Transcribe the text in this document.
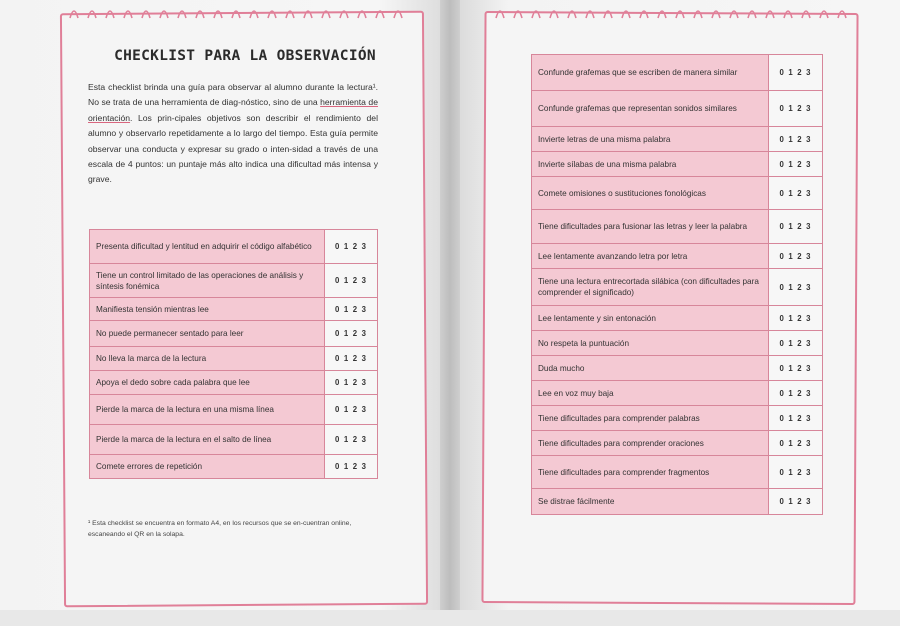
CHECKLIST PARA LA OBSERVACIÓN
Esta checklist brinda una guía para observar al alumno durante la lectura¹. No se trata de una herramienta de diag-nóstico, sino de una herramienta de orientación. Los prin-cipales objetivos son describir el rendimiento del alumno y observarlo repetidamente a lo largo del tiempo. Esta guía permite observar una conducta y expresar su grado o inten-sidad a través de una escala de 4 puntos: un puntaje más alto indica una dificultad más intensa y grave.
Presenta dificultad y lentitud en adquirir el código alfabético	0 1 2 3
Tiene un control limitado de las operaciones de análisis y síntesis fonémica	0 1 2 3
Manifiesta tensión mientras lee	0 1 2 3
No puede permanecer sentado para leer	0 1 2 3
No lleva la marca de la lectura	0 1 2 3
Apoya el dedo sobre cada palabra que lee	0 1 2 3
Pierde la marca de la lectura en una misma línea	0 1 2 3
Pierde la marca de la lectura en el salto de línea	0 1 2 3
Comete errores de repetición	0 1 2 3
¹ Esta checklist se encuentra en formato A4, en los recursos que se en-cuentran online, escaneando el QR en la solapa.
Confunde grafemas que se escriben de manera similar	0 1 2 3
Confunde grafemas que representan sonidos similares	0 1 2 3
Invierte letras de una misma palabra	0 1 2 3
Invierte sílabas de una misma palabra	0 1 2 3
Comete omisiones o sustituciones fonológicas	0 1 2 3
Tiene dificultades para fusionar las letras y leer la palabra	0 1 2 3
Lee lentamente avanzando letra por letra	0 1 2 3
Tiene una lectura entrecortada silábica (con dificultades para comprender el significado)	0 1 2 3
Lee lentamente y sin entonación	0 1 2 3
No respeta la puntuación	0 1 2 3
Duda mucho	0 1 2 3
Lee en voz muy baja	0 1 2 3
Tiene dificultades para comprender palabras	0 1 2 3
Tiene dificultades para comprender oraciones	0 1 2 3
Tiene dificultades para comprender fragmentos	0 1 2 3
Se distrae fácilmente	0 1 2 3
